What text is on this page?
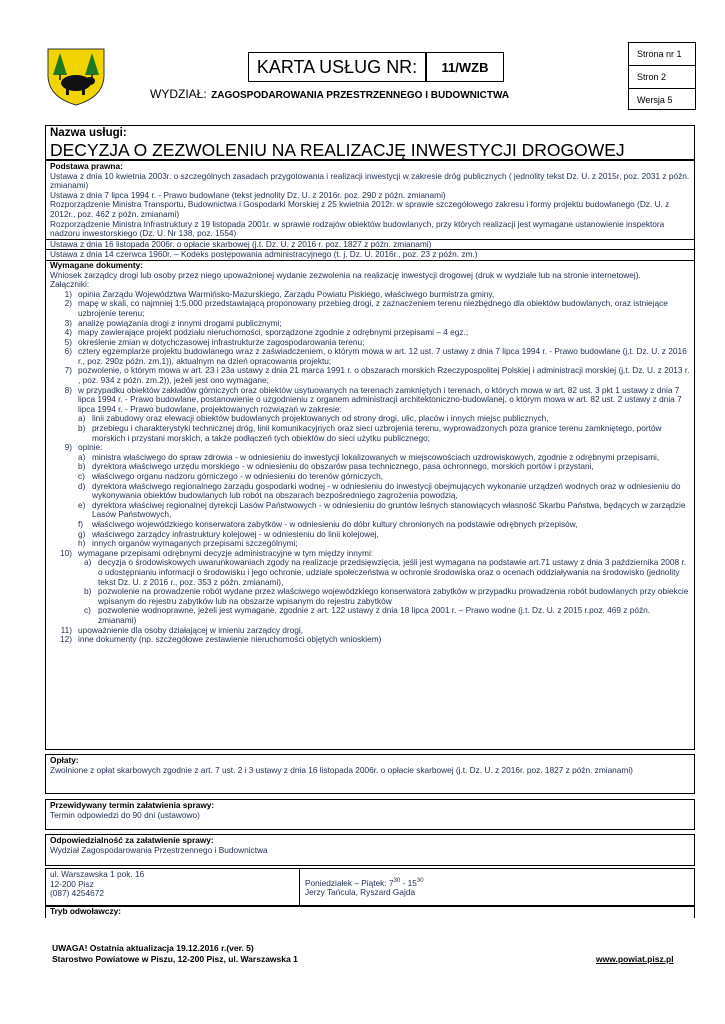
KARTA USŁUG NR: 11/WZB
WYDZIAŁ: ZAGOSPODAROWANIA PRZESTRZENNEGO I BUDOWNICTWA
Strona nr 1
Stron 2
Wersja 5
Nazwa usługi:
DECYZJA O ZEZWOLENIU NA REALIZACJĘ INWESTYCJI DROGOWEJ
Podstawa prawna:
Ustawa z dnia 10 kwietnia 2003r. o szczególnych zasadach przygotowania i realizacji inwestycji w zakresie dróg publicznych ( jednolity tekst Dz. U. z 2015r, poz. 2031 z późn. zmianami)
Ustawa z dnia 7 lipca 1994 r. - Prawo budowlane (tekst jednolity Dz. U. z 2016r. poz. 290 z późn. zmianami)
Rozporządzenie Ministra Transportu, Budownictwa i Gospodarki Morskiej z 25 kwietnia 2012r. w sprawie szczegółowego zakresu i formy projektu budowlanego (Dz. U. z 2012r., poz. 462 z późn. zmianami)
Rozporządzenie Ministra Infrastruktury z 19 listopada 2001r. w sprawie rodzajów obiektów budowlanych, przy których realizacji jest wymagane ustanowienie inspektora nadzoru inwestorskiego (Dz. U. Nr 138, poz. 1554)
Ustawa z dnia 16 listopada 2006r. o opłacie skarbowej (j.t. Dz. U. z 2016 r. poz. 1827 z późn. zmianami)
Ustawa z dnia 14 czerwca 1960r. – Kodeks postępowania administracyjnego (t. j. Dz. U. 2016r., poz. 23 z późn. zm.)
Wymagane dokumenty:
Wniosek zarządcy drogi lub osoby przez niego upoważnionej wydanie zezwolenia na realizację inwestycji drogowej (druk w wydziale lub na stronie internetowej).
Załączniki:
1) opinia Zarządu Województwa Warmińsko-Mazurskiego, Zarządu Powiatu Piskiego, właściwego burmistrza gminy,
2) mapę w skali, co najmniej 1:5.000 przedstawiającą proponowany przebieg drogi, z zaznaczeniem terenu niezbędnego dla obiektów budowlanych, oraz istniejące uzbrojenie terenu;
3) analizę powiązania drogi z innymi drogami publicznymi;
4) mapy zawierające projekt podziału nieruchomości, sporządzone zgodnie z odrębnymi przepisami – 4 egz.;
5) określenie zmian w dotychczasowej infrastrukturze zagospodarowania terenu;
6) cztery egzemplarze projektu budowlanego wraz z zaświadczeniem, o którym mowa w art. 12 ust. 7 ustawy z dnia 7 lipca 1994 r. - Prawo budowlane (j.t. Dz. U. z 2016 r., poz. 290z późn. zm.1)), aktualnym na dzień opracowania projektu;
7) pozwolenie, o którym mowa w art. 23 i 23a ustawy z dnia 21 marca 1991 r. o obszarach morskich Rzeczypospolitej Polskiej i administracji morskiej (j.t. Dz. U. z 2013 r. , poz. 934 z późn. zm.2)), jeżeli jest ono wymagane;
8) w przypadku obiektów zakładów górniczych oraz obiektów usytuowanych na terenach zamkniętych i terenach, o których mowa w art. 82 ust. 3 pkt 1 ustawy z dnia 7 lipca 1994 r. - Prawo budowlane, postanowienie o uzgodnieniu z organem administracji architektoniczno-budowlanej, o którym mowa w art. 82 ust. 2 ustawy z dnia 7 lipca 1994 r. - Prawo budowlane, projektowanych rozwiązań w zakresie:
a) linii zabudowy oraz elewacji obiektów budowlanych projektowanych od strony drogi, ulic, placów i innych miejsc publicznych,
b) przebiegu i charakterystyki technicznej dróg, linii komunikacyjnych oraz sieci uzbrojenia terenu, wyprowadzonych poza granice terenu zamkniętego, portów morskich i przystani morskich, a także podłączeń tych obiektów do sieci użytku publicznego;
9) opinie:
a) ministra właściwego do spraw zdrowia - w odniesieniu do inwestycji lokalizowanych w miejscowościach uzdrowiskowych, zgodnie z odrębnymi przepisami,
b) dyrektora właściwego urzędu morskiego - w odniesieniu do obszarów pasa technicznego, pasa ochronnego, morskich portów i przystani,
c) właściwego organu nadzoru górniczego - w odniesieniu do terenów górniczych,
d) dyrektora właściwego regionalnego zarządu gospodarki wodnej - w odniesieniu do inwestycji obejmujących wykonanie urządzeń wodnych oraz w odniesieniu do wykonywania obiektów budowlanych lub robót na obszarach bezpośredniego zagrożenia powodzią,
e) dyrektora właściwej regionalnej dyrekcji Lasów Państwowych - w odniesieniu do gruntów leśnych stanowiących własność Skarbu Państwa, będących w zarządzie Lasów Państwowych,
f)	właściwego wojewódzkiego konserwatora zabytków - w odniesieniu do dóbr kultury chronionych na podstawie odrębnych przepisów,
g) właściwego zarządcy infrastruktury kolejowej - w odniesieniu do linii kolejowej,
h) innych organów wymaganych przepisami szczególnymi;
10) wymagane przepisami odrębnymi decyzje administracyjne w tym między innymi:
a) decyzja o środowiskowych uwarunkowaniach zgody na realizacje przedsięwzięcia, jeśli jest wymagana na podstawie art.71 ustawy z dnia 3 października 2008 r. o udostępnianiu informacji o środowisku i jego ochronie, udziale społeczeństwa w ochronie środowiska oraz o ocenach oddziaływania na środowisko (jednolity tekst Dz. U. z 2016 r., poz. 353 z późn. zmianami),
b) pozwolenie na prowadzenie robót wydane przez właściwego wojewódzkiego konserwatora zabytków w przypadku prowadzenia robót budowlanych przy obiekcie wpisanym do rejestru zabytków lub na obszarze wpisanym do rejestru zabytków
c) pozwolenie wodnoprawne, jeżeli jest wymagane, zgodnie z art. 122 ustawy z dnia 18 lipca 2001 r. – Prawo wodne (j.t. Dz. U. z 2015 r.poz. 469 z późn. zmianami)
11) upoważnienie dla osoby działającej w imieniu zarządcy drogi,
12) inne dokumenty (np. szczegółowe zestawienie nieruchomości objętych wnioskiem)
Opłaty:
Zwolnione z opłat skarbowych zgodnie z art. 7 ust. 2 i 3 ustawy z dnia 16 listopada 2006r. o opłacie skarbowej (j.t. Dz. U. z 2016r. poz. 1827 z późn. zmianami)
Przewidywany termin załatwienia sprawy:
Termin odpowiedzi do 90 dni (ustawowo)
Odpowiedzialność za załatwienie sprawy:
Wydział Zagospodarowania Przestrzennego i Budownictwa
ul. Warszawska 1 pok. 16
12-200 Pisz
(087) 4254672
Poniedziałek – Piątek: $7^{30} - 15^{30}$
Jerzy Tańcula, Ryszard Gajda
Tryb odwoławczy:
UWAGA! Ostatnia aktualizacja 19.12.2016 r.(ver. 5)
Starostwo Powiatowe w Piszu, 12-200 Pisz, ul. Warszawska 1	www.powiat.pisz.pl
